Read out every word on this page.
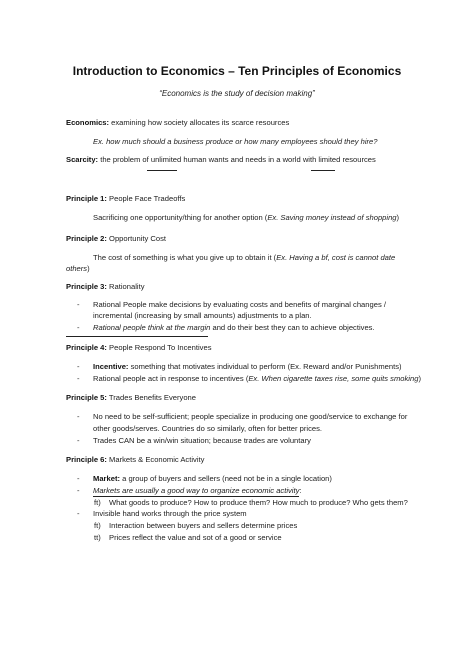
Introduction to Economics – Ten Principles of Economics
“Economics is the study of decision making”
Economics: examining how society allocates its scarce resources
Ex. how much should a business produce or how many employees should they hire?
Scarcity: the problem of unlimited human wants and needs in a world with limited resources
Principle 1: People Face Tradeoffs
Sacrificing one opportunity/thing for another option (Ex. Saving money instead of shopping)
Principle 2: Opportunity Cost
The cost of something is what you give up to obtain it (Ex. Having a bf, cost is cannot date
others)
Principle 3: Rationality
- Rational People make decisions by evaluating costs and benefits of marginal changes /
incremental (increasing by small amounts) adjustments to a plan.
- Rational people think at the margin and do their best they can to achieve objectives.
Principle 4: People Respond To Incentives
- Incentive: something that motivates individual to perform (Ex. Reward and/or Punishments)
- Rational people act in response to incentives (Ex. When cigarette taxes rise, some quits smoking)
Principle 5: Trades Benefits Everyone
- No need to be self-sufficient; people specialize in producing one good/service to exchange for
other goods/serves. Countries do so similarly, often for better prices.
- Trades CAN be a win/win situation; because trades are voluntary
Principle 6: Markets & Economic Activity
- Market: a group of buyers and sellers (need not be in a single location)
- Markets are usually a good way to organize economic activity:
ft) What goods to produce? How to produce them? How much to produce? Who gets them?
- Invisible hand works through the price system
ft) Interaction between buyers and sellers determine prices
tt) Prices reflect the value and sot of a good or service
